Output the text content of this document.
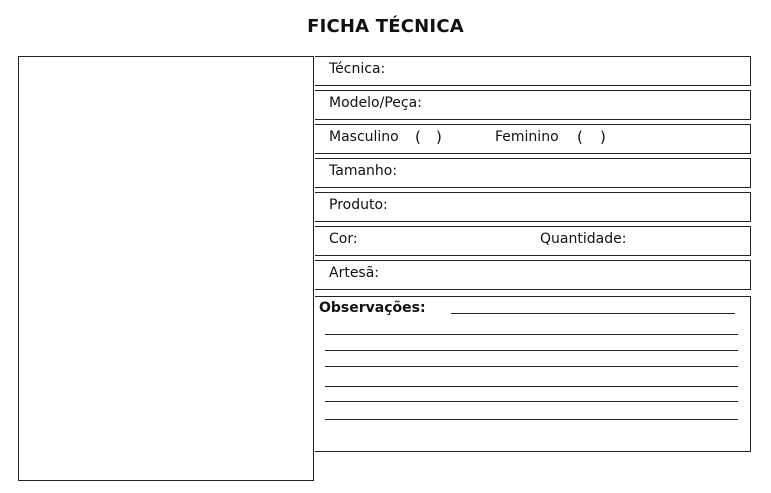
FICHA TÉCNICA
Técnica:
Modelo/Peça:
Masculino ( )	Feminino ( )
Tamanho:
Produto:
Cor:	Quantidade:
Artesã:
Observações:
